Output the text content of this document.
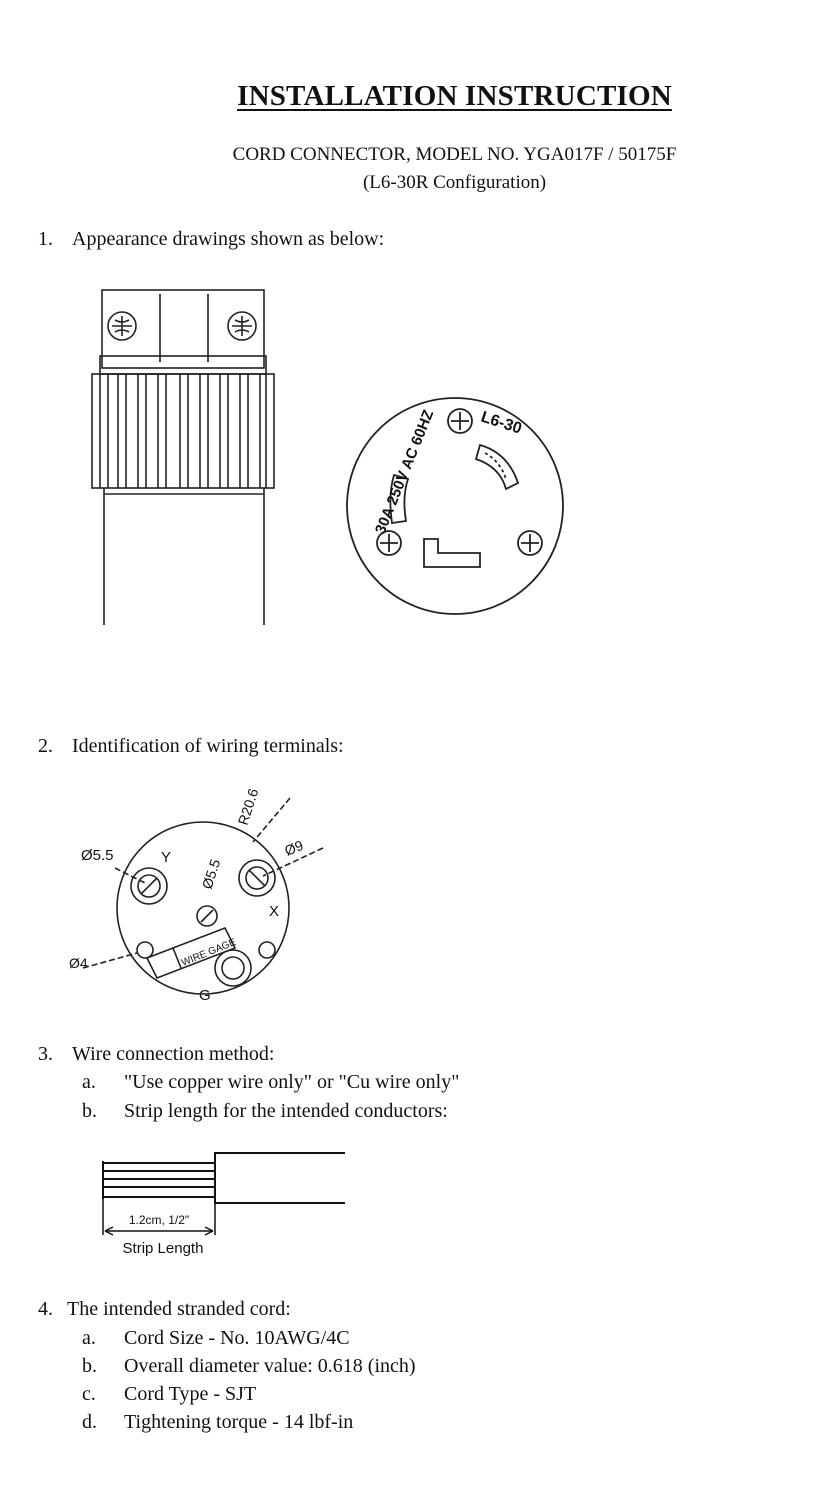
INSTALLATION INSTRUCTION
CORD CONNECTOR, MODEL NO. YGA017F / 50175F
(L6-30R Configuration)
1. Appearance drawings shown as below:
30A 250V AC 60HZ	L6-30
2. Identification of wiring terminals:
R20.6
Ø5.5
Ø5.5
Ø9
Ø4
Y
X
G
WIRE GAGE
3. Wire connection method:
a. "Use copper wire only" or "Cu wire only"
b. Strip length for the intended conductors:
1.2cm, 1/2"
Strip Length
4. The intended stranded cord:
a. Cord Size - No. 10AWG/4C
b. Overall diameter value: 0.618 (inch)
c. Cord Type - SJT
d. Tightening torque - 14 lbf-in
